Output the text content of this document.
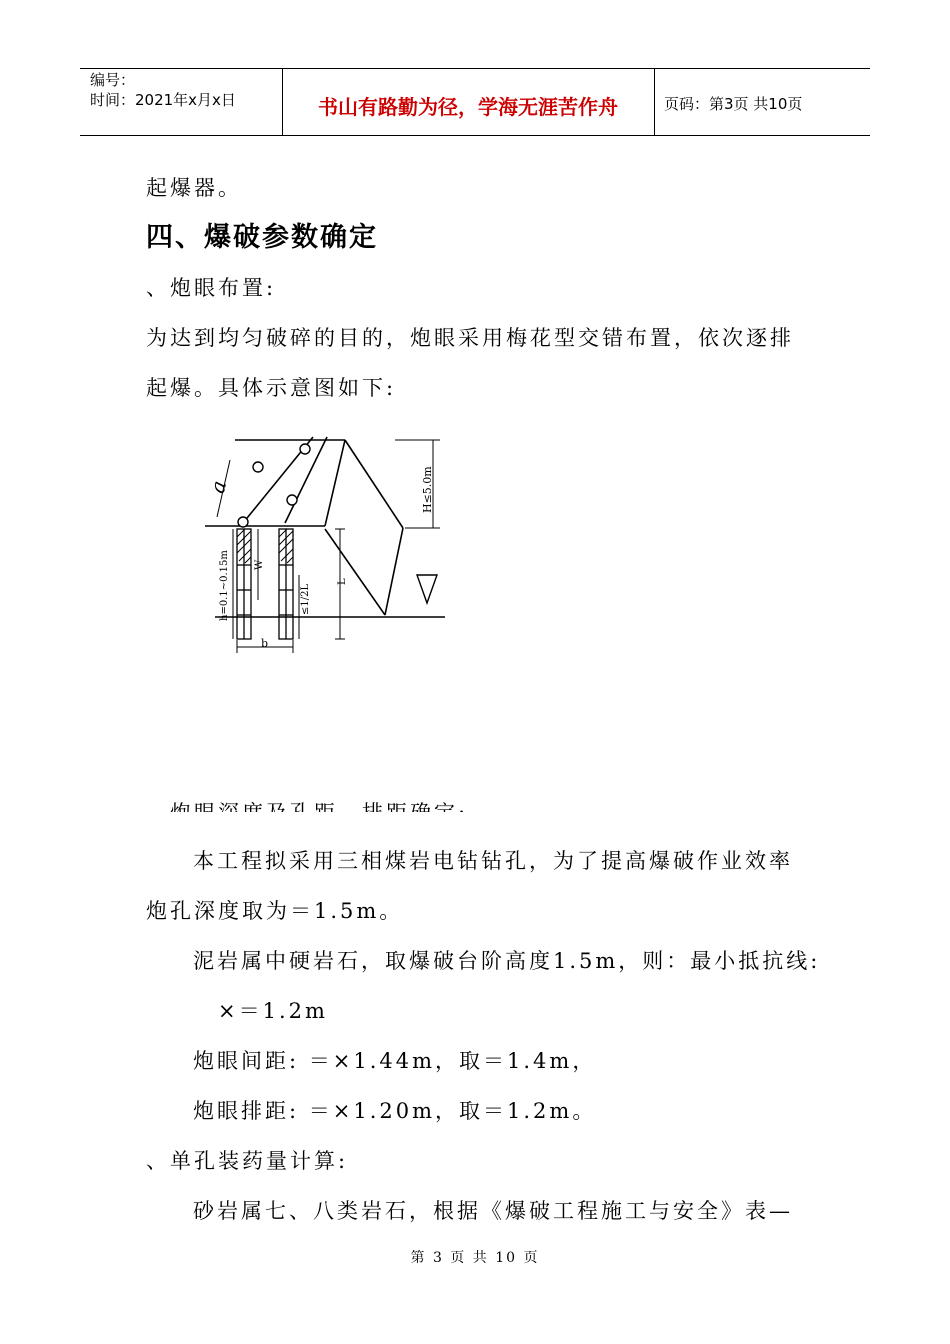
编号：
时间：2021年x月x日	书山有路勤为径，学海无涯苦作舟	页码：第3页 共10页
起爆器。
四、爆破参数确定
、炮眼布置:
为达到均匀破碎的目的，炮眼采用梅花型交错布置，依次逐排
起爆。具体示意图如下:
a	H≤5.0m
h=0.1~0.15m W
≤1/2L
L
b
本工程拟采用三相煤岩电钻钻孔，为了提高爆破作业效率
炮孔深度取为＝1.5m。
泥岩属中硬岩石，取爆破台阶高度1.5m，则：最小抵抗线:
×＝1.2m
炮眼间距: ＝×1.44m，取＝1.4m，
炮眼排距: ＝×1.20m，取＝1.2m。
、单孔装药量计算:
砂岩属七、八类岩石，根据《爆破工程施工与安全》表—
第 3 页 共 10 页
